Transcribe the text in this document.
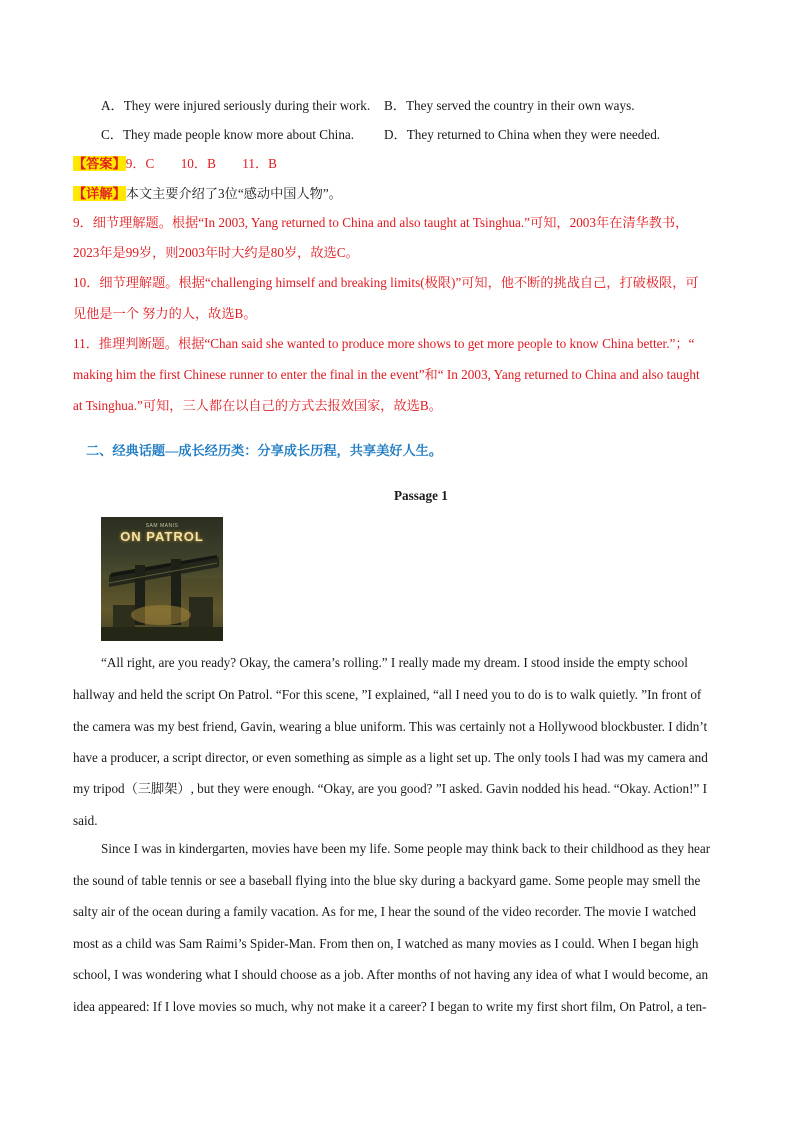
A．They were injured seriously during their work. B．They served the country in their own ways.
C．They made people know more about China. D．They returned to China when they were needed.
【答案】9．C　　10．B　　11．B
【详解】本文主要介绍了3位“感动中国人物”。
9．细节理解题。根据“In 2003, Yang returned to China and also taught at Tsinghua.”可知，2003年在清华教书，
2023年是99岁，则2003年时大约是80岁，故选C。
10．细节理解题。根据“challenging himself and breaking limits(极限)”可知，他不断的挑战自己，打破极限，可
见他是一个 努力的人，故选B。
11．推理判断题。根据“Chan said she wanted to produce more shows to get more people to know China better.”；“
making him the first Chinese runner to enter the final in the event”和“ In 2003, Yang returned to China and also taught
at Tsinghua.”可知，三人都在以自己的方式去报效国家，故选B。
二、经典话题—成长经历类：分享成长历程，共享美好人生。
Passage 1
SAM MANIS
ON PATROL
“All right, are you ready? Okay, the camera’s rolling.” I really made my dream. I stood inside the empty school
hallway and held the script On Patrol. “For this scene, ”I explained, “all I need you to do is to walk quietly. ”In front of
the camera was my best friend, Gavin, wearing a blue uniform. This was certainly not a Hollywood blockbuster. I didn’t
have a producer, a script director, or even something as simple as a light set up. The only tools I had was my camera and
my tripod（三脚架）, but they were enough. “Okay, are you good? ”I asked. Gavin nodded his head. “Okay. Action!” I
said.
Since I was in kindergarten, movies have been my life. Some people may think back to their childhood as they hear
the sound of table tennis or see a baseball flying into the blue sky during a backyard game. Some people may smell the
salty air of the ocean during a family vacation. As for me, I hear the sound of the video recorder. The movie I watched
most as a child was Sam Raimi’s Spider-Man. From then on, I watched as many movies as I could. When I began high
school, I was wondering what I should choose as a job. After months of not having any idea of what I would become, an
idea appeared: If I love movies so much, why not make it a career? I began to write my first short film, On Patrol, a ten-
